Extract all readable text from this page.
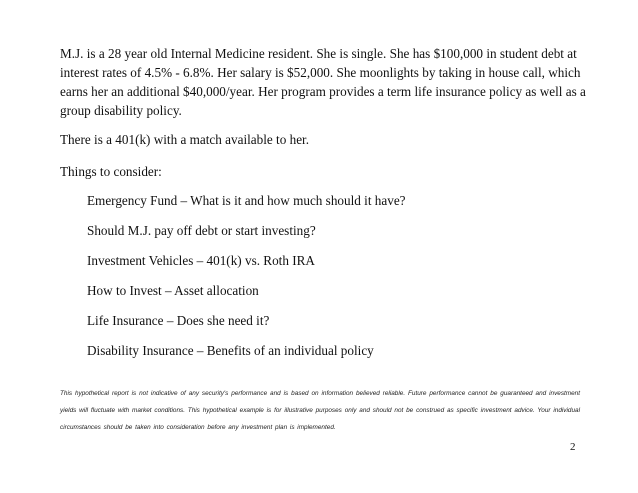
M.J. is a 28 year old Internal Medicine resident. She is single. She has $100,000 in student debt at interest rates of 4.5% - 6.8%. Her salary is $52,000. She moonlights by taking in house call, which earns her an additional $40,000/year. Her program provides a term life insurance policy as well as a group disability policy.
There is a 401(k) with a match available to her.
Things to consider:
Emergency Fund – What is it and how much should it have?
Should M.J. pay off debt or start investing?
Investment Vehicles – 401(k) vs. Roth IRA
How to Invest – Asset allocation
Life Insurance – Does she need it?
Disability Insurance – Benefits of an individual policy
This hypothetical report is not indicative of any security's performance and is based on information believed reliable. Future performance cannot be guaranteed and investment yields will fluctuate with market conditions. This hypothetical example is for illustrative purposes only and should not be construed as specific investment advice. Your individual circumstances should be taken into consideration before any investment plan is implemented.
2
